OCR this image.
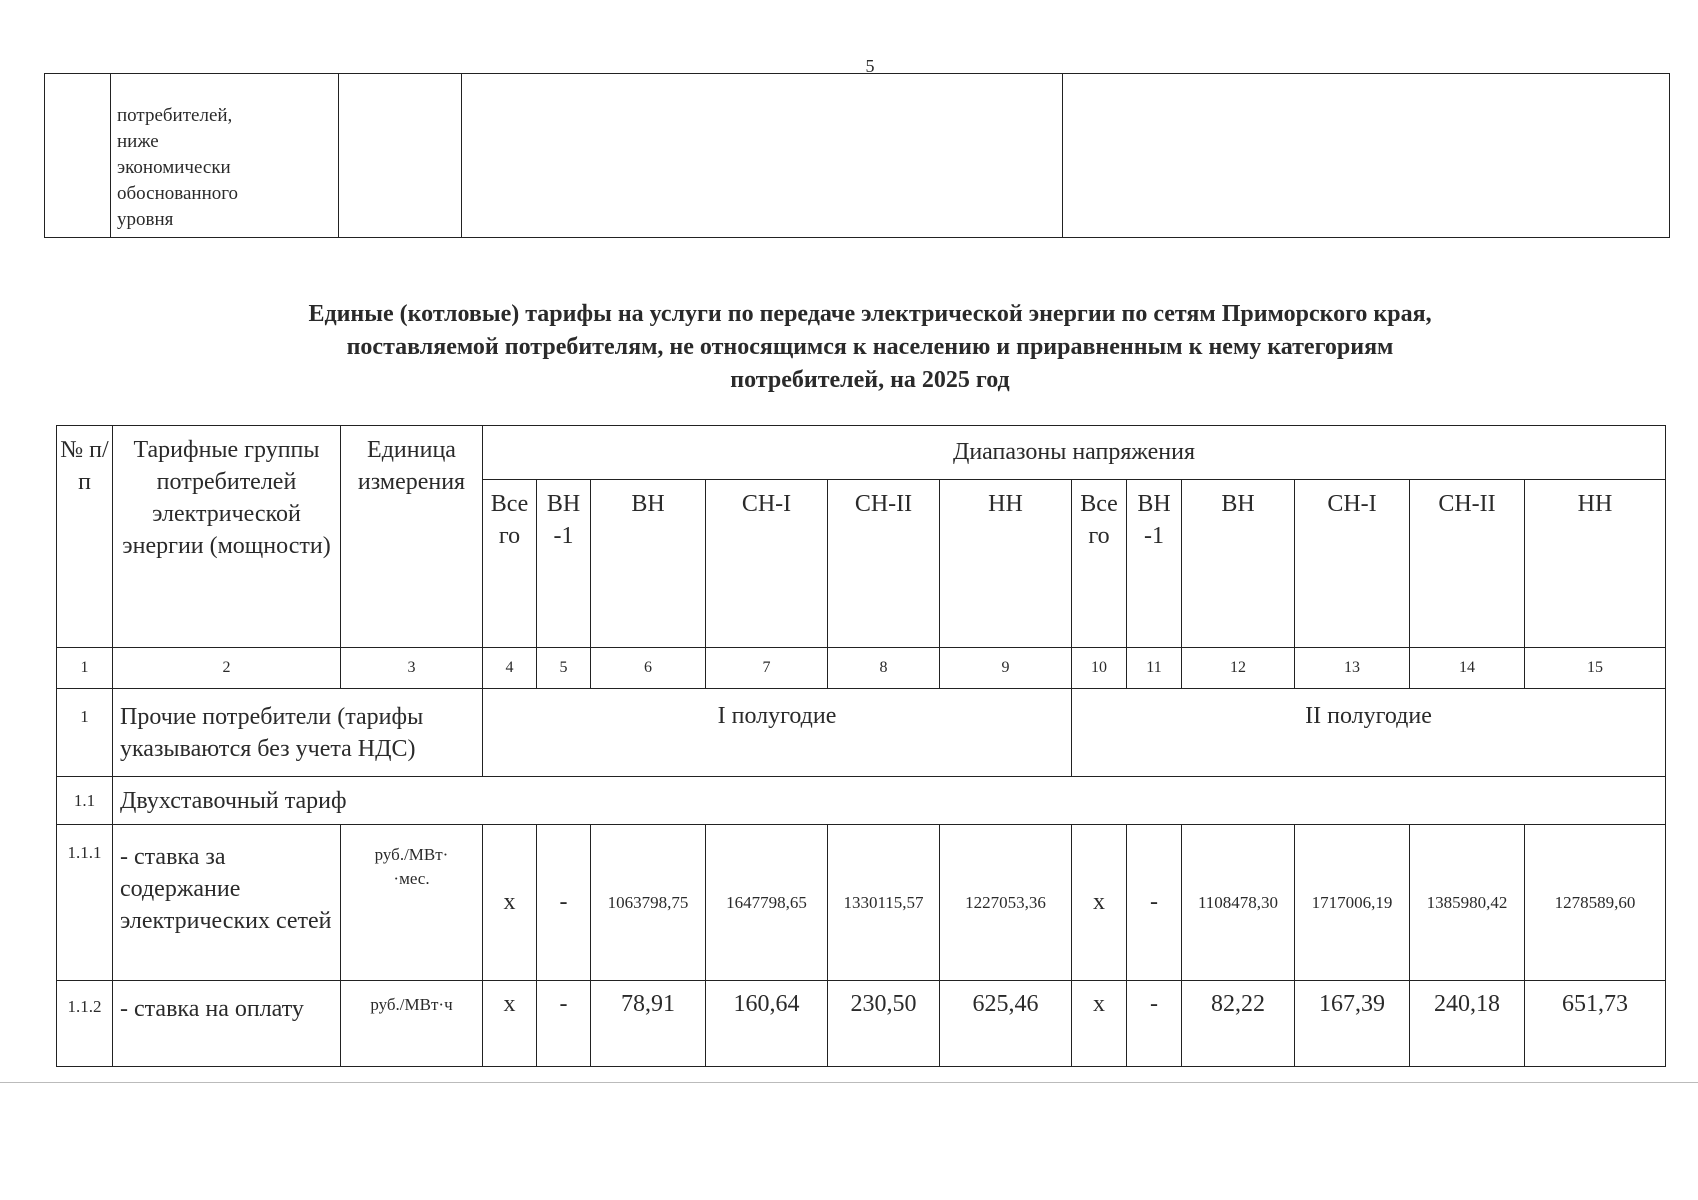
5

потребителей,
ниже
экономически
обоснованного
уровня

Единые (котловые) тарифы на услуги по передаче электрической энергии по сетям Приморского края,
поставляемой потребителям, не относящимся к населению и приравненным к нему категориям
потребителей, на 2025 год
№ п/п	Тарифные группы потребителей электрической энергии (мощности)	Единица измерения	Диапазоны напряжения											
			Все го	ВН -1	ВН	СН-I	СН-II	НН	Все го	ВН -1	ВН	СН-I	СН-II	НН
1	2	3	4	5	6	7	8	9	10	11	12	13	14	15
1	Прочие потребители (тарифы указываются без учета НДС)		I полугодие						II полугодие					
1.1	Двухставочный тариф													
1.1.1	- ставка за содержание электрических сетей	руб./МВт· ·мес.	x	-	1063798,75	1647798,65	1330115,57	1227053,36	x	-	1108478,30	1717006,19	1385980,42	1278589,60
1.1.2	- ставка на оплату	руб./МВт·ч	x	-	78,91	160,64	230,50	625,46	x	-	82,22	167,39	240,18	651,73
